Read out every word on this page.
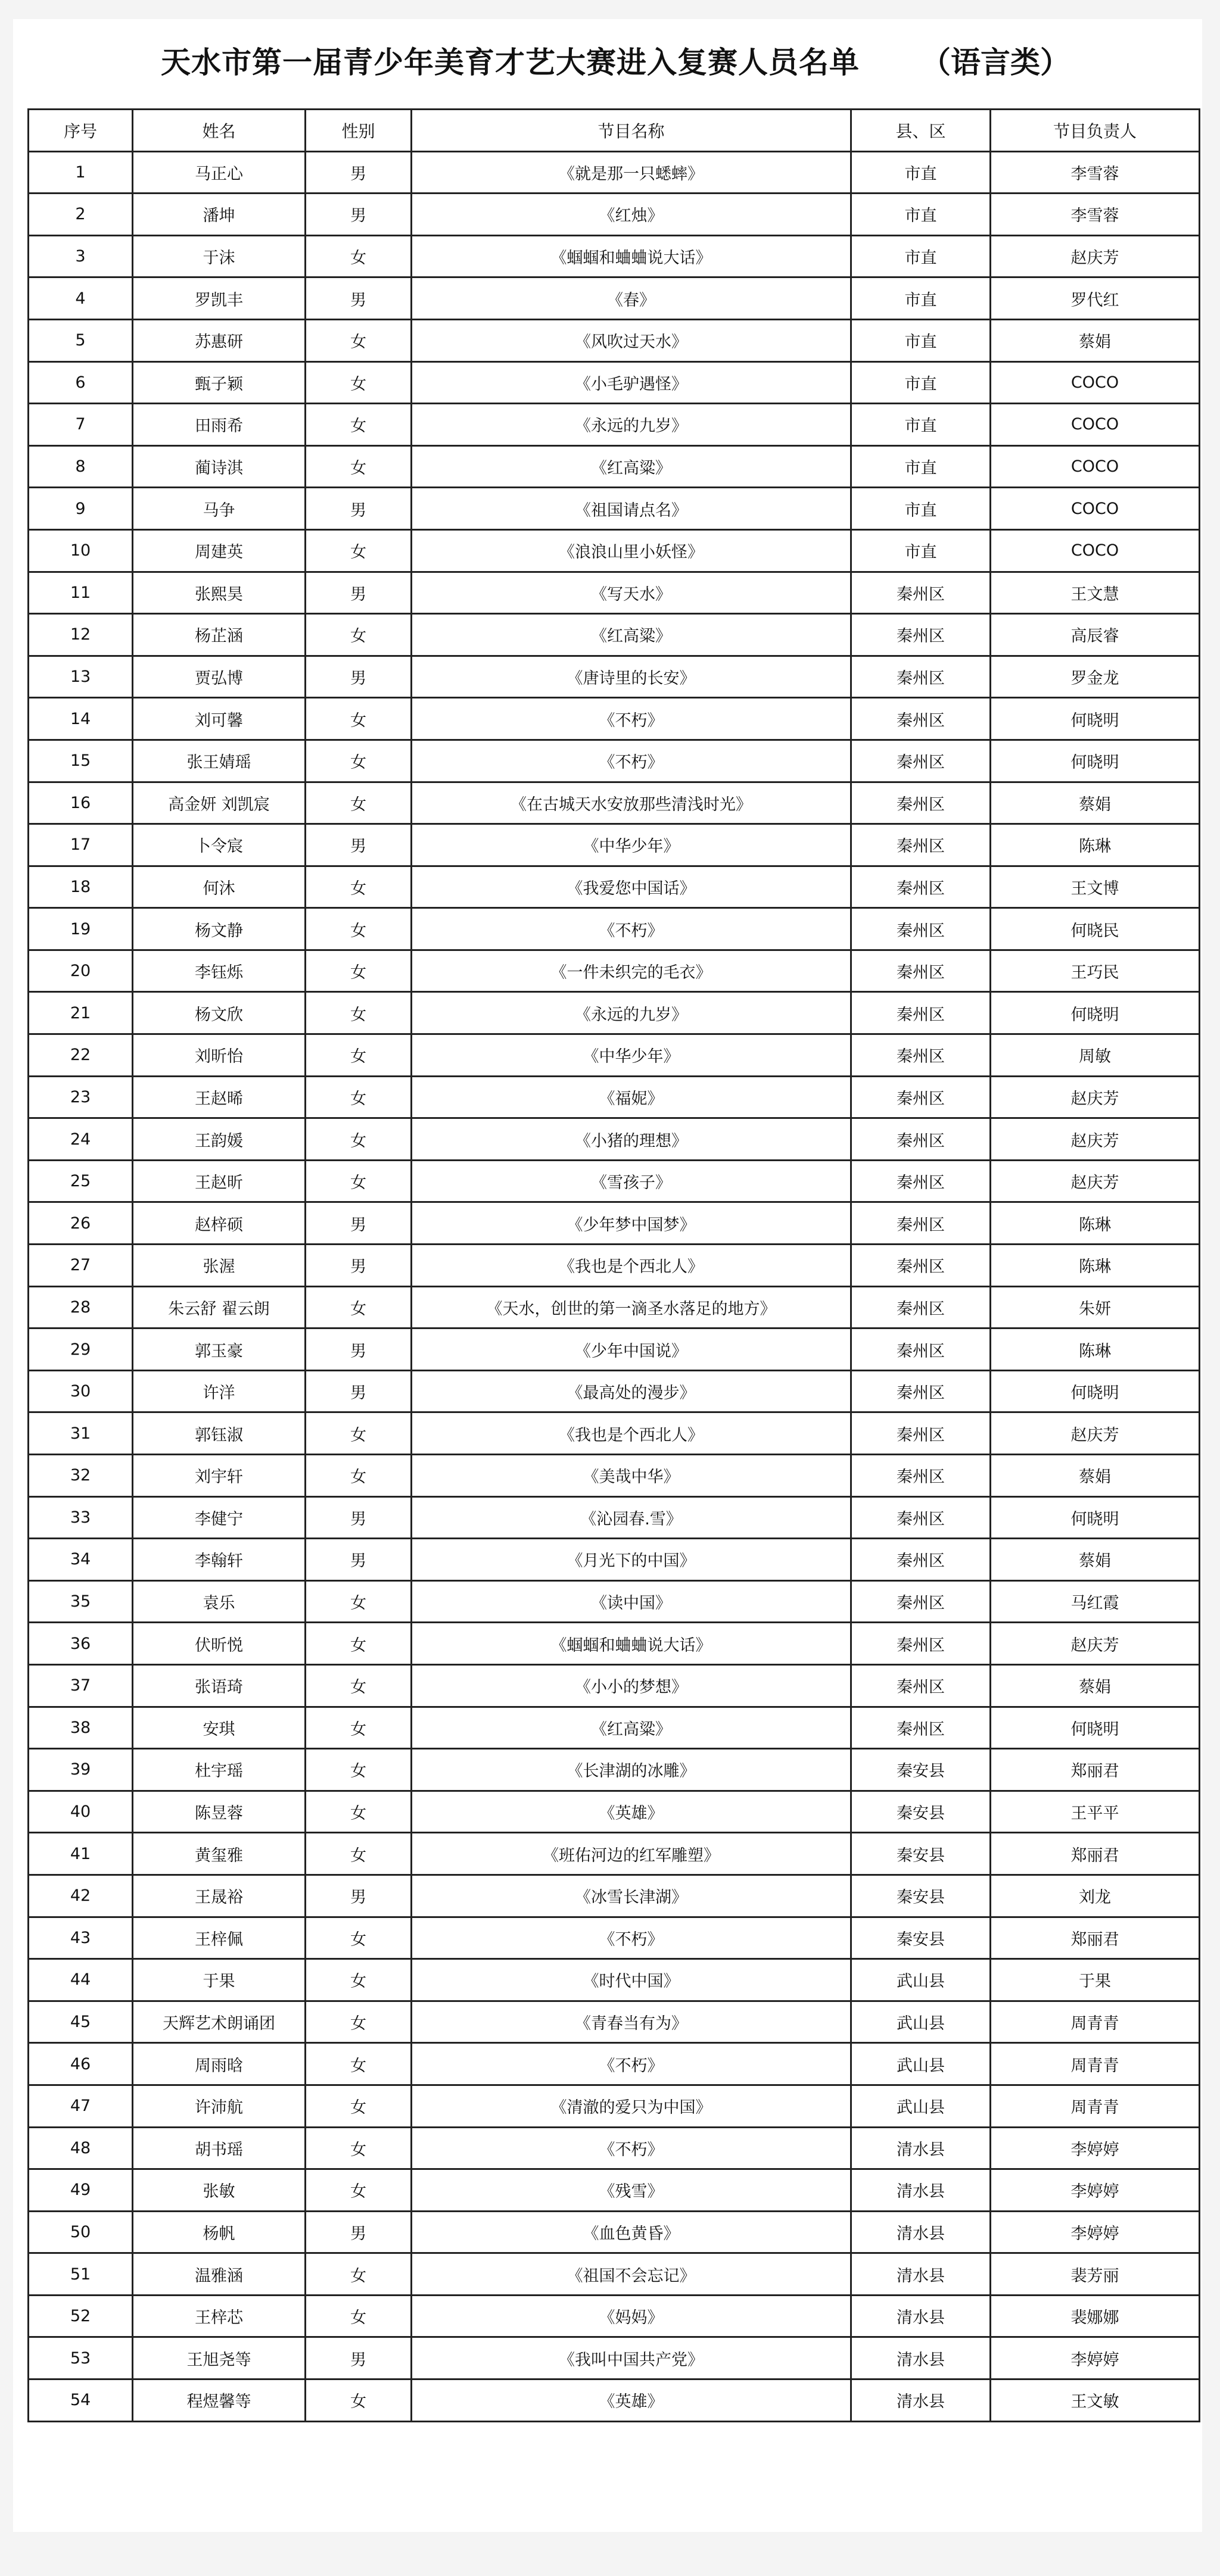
天水市第一届青少年美育才艺大赛进入复赛人员名单 （语言类）
序号	姓名	性别	节目名称	县、区	节目负责人
1	马正心	男	《就是那一只蟋蟀》	市直	李雪蓉
2	潘坤	男	《红烛》	市直	李雪蓉
3	于沫	女	《蝈蝈和蛐蛐说大话》	市直	赵庆芳
4	罗凯丰	男	《春》	市直	罗代红
5	苏惠研	女	《风吹过天水》	市直	蔡娟
6	甄子颖	女	《小毛驴遇怪》	市直	COCO
7	田雨希	女	《永远的九岁》	市直	COCO
8	蔺诗淇	女	《红高粱》	市直	COCO
9	马争	男	《祖国请点名》	市直	COCO
10	周建英	女	《浪浪山里小妖怪》	市直	COCO
11	张熙昊	男	《写天水》	秦州区	王文慧
12	杨芷涵	女	《红高粱》	秦州区	高辰睿
13	贾弘博	男	《唐诗里的长安》	秦州区	罗金龙
14	刘可馨	女	《不朽》	秦州区	何晓明
15	张王婧瑶	女	《不朽》	秦州区	何晓明
16	高金妍 刘凯宸	女	《在古城天水安放那些清浅时光》	秦州区	蔡娟
17	卜令宸	男	《中华少年》	秦州区	陈琳
18	何沐	女	《我爱您中国话》	秦州区	王文博
19	杨文静	女	《不朽》	秦州区	何晓民
20	李钰烁	女	《一件未织完的毛衣》	秦州区	王巧民
21	杨文欣	女	《永远的九岁》	秦州区	何晓明
22	刘昕怡	女	《中华少年》	秦州区	周敏
23	王赵晞	女	《福妮》	秦州区	赵庆芳
24	王韵媛	女	《小猪的理想》	秦州区	赵庆芳
25	王赵昕	女	《雪孩子》	秦州区	赵庆芳
26	赵梓硕	男	《少年梦中国梦》	秦州区	陈琳
27	张渥	男	《我也是个西北人》	秦州区	陈琳
28	朱云舒 翟云朗	女	《天水，创世的第一滴圣水落足的地方》	秦州区	朱妍
29	郭玉豪	男	《少年中国说》	秦州区	陈琳
30	许洋	男	《最高处的漫步》	秦州区	何晓明
31	郭钰淑	女	《我也是个西北人》	秦州区	赵庆芳
32	刘宇轩	女	《美哉中华》	秦州区	蔡娟
33	李健宁	男	《沁园春.雪》	秦州区	何晓明
34	李翰轩	男	《月光下的中国》	秦州区	蔡娟
35	袁乐	女	《读中国》	秦州区	马红霞
36	伏昕悦	女	《蝈蝈和蛐蛐说大话》	秦州区	赵庆芳
37	张语琦	女	《小小的梦想》	秦州区	蔡娟
38	安琪	女	《红高粱》	秦州区	何晓明
39	杜宇瑶	女	《长津湖的冰雕》	秦安县	郑丽君
40	陈昱蓉	女	《英雄》	秦安县	王平平
41	黄玺雅	女	《班佑河边的红军雕塑》	秦安县	郑丽君
42	王晟裕	男	《冰雪长津湖》	秦安县	刘龙
43	王梓佩	女	《不朽》	秦安县	郑丽君
44	于果	女	《时代中国》	武山县	于果
45	天辉艺术朗诵团	女	《青春当有为》	武山县	周青青
46	周雨晗	女	《不朽》	武山县	周青青
47	许沛航	女	《清澈的爱只为中国》	武山县	周青青
48	胡书瑶	女	《不朽》	清水县	李婷婷
49	张敏	女	《残雪》	清水县	李婷婷
50	杨帆	男	《血色黄昏》	清水县	李婷婷
51	温雅涵	女	《祖国不会忘记》	清水县	裴芳丽
52	王梓芯	女	《妈妈》	清水县	裴娜娜
53	王旭尧等	男	《我叫中国共产党》	清水县	李婷婷
54	程煜馨等	女	《英雄》	清水县	王文敏
